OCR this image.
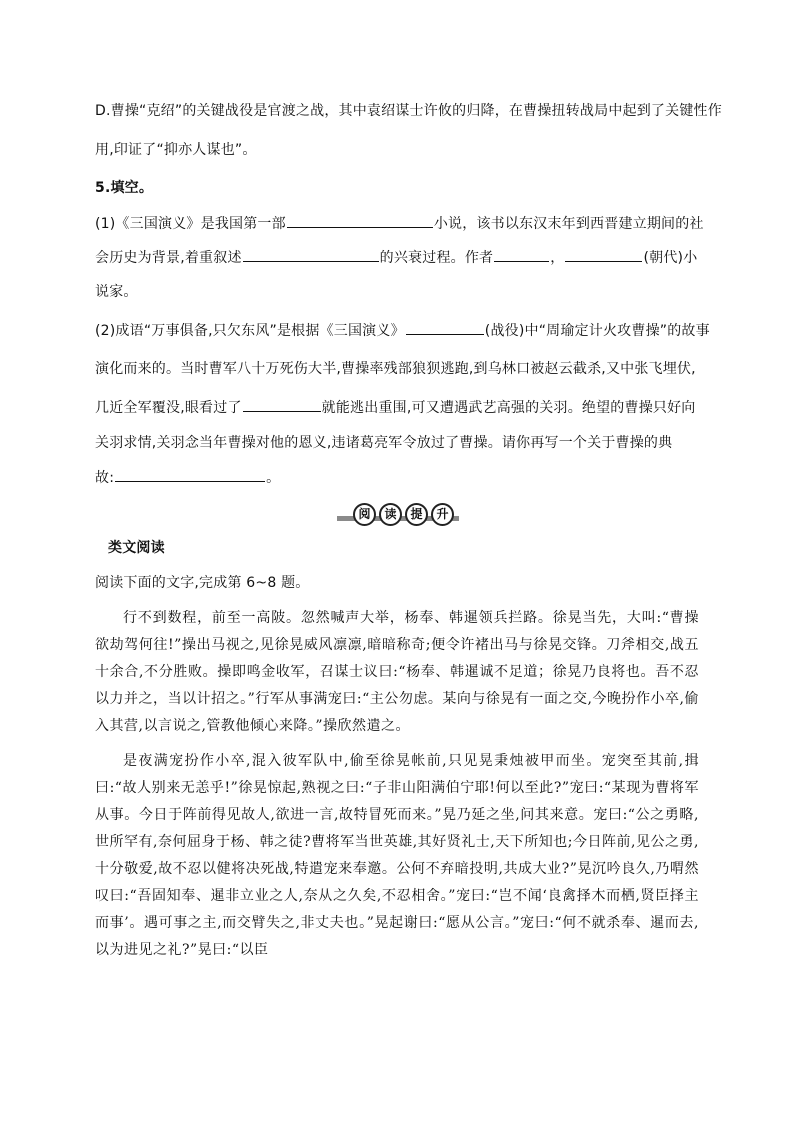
D.曹操“克绍”的关键战役是官渡之战，其中袁绍谋士许攸的归降，在曹操扭转战局中起到了关键性作
用,印证了“抑亦人谋也”。
5.填空。
(1)《三国演义》是我国第一部	小说，该书以东汉末年到西晋建立期间的社
会历史为背景,着重叙述	的兴衰过程。作者	，	(朝代)小
说家。
(2)成语“万事俱备,只欠东风”是根据《三国演义》	(战役)中“周瑜定计火攻曹操”的故事
演化而来的。当时曹军八十万死伤大半,曹操率残部狼狈逃跑,到乌林口被赵云截杀,又中张飞埋伏,
几近全军覆没,眼看过了	就能逃出重围,可又遭遇武艺高强的关羽。绝望的曹操只好向
关羽求情,关羽念当年曹操对他的恩义,违诸葛亮军令放过了曹操。请你再写一个关于曹操的典
故:	。
阅	读	提	升
类文阅读
阅读下面的文字,完成第 6~8 题。

行不到数程，前至一高陂。忽然喊声大举，杨奉、韩暹领兵拦路。徐晃当先，大叫:“曹操欲劫驾何往!”操出马视之,见徐晃威风凛凛,暗暗称奇;便令许褚出马与徐晃交锋。刀斧相交,战五十余合,不分胜败。操即鸣金收军，召谋士议曰:“杨奉、韩暹诚不足道；徐晃乃良将也。吾不忍以力并之，当以计招之。”行军从事满宠曰:“主公勿虑。某向与徐晃有一面之交,今晚扮作小卒,偷入其营,以言说之,管教他倾心来降。”操欣然遣之。

是夜满宠扮作小卒,混入彼军队中,偷至徐晃帐前,只见晃秉烛被甲而坐。宠突至其前,揖曰:“故人别来无恙乎!”徐晃惊起,熟视之曰:“子非山阳满伯宁耶!何以至此?”宠曰:“某现为曹将军从事。今日于阵前得见故人,欲进一言,故特冒死而来。”晃乃延之坐,问其来意。宠曰:“公之勇略,世所罕有,奈何屈身于杨、韩之徒?曹将军当世英雄,其好贤礼士,天下所知也;今日阵前,见公之勇,十分敬爱,故不忍以健将决死战,特遣宠来奉邀。公何不弃暗投明,共成大业?”晃沉吟良久,乃喟然叹曰:“吾固知奉、暹非立业之人,奈从之久矣,不忍相舍。”宠曰:“岂不闻‘良禽择木而栖,贤臣择主而事’。遇可事之主,而交臂失之,非丈夫也。”晃起谢曰:“愿从公言。”宠曰:“何不就杀奉、暹而去,以为进见之礼?”晃曰:“以臣
